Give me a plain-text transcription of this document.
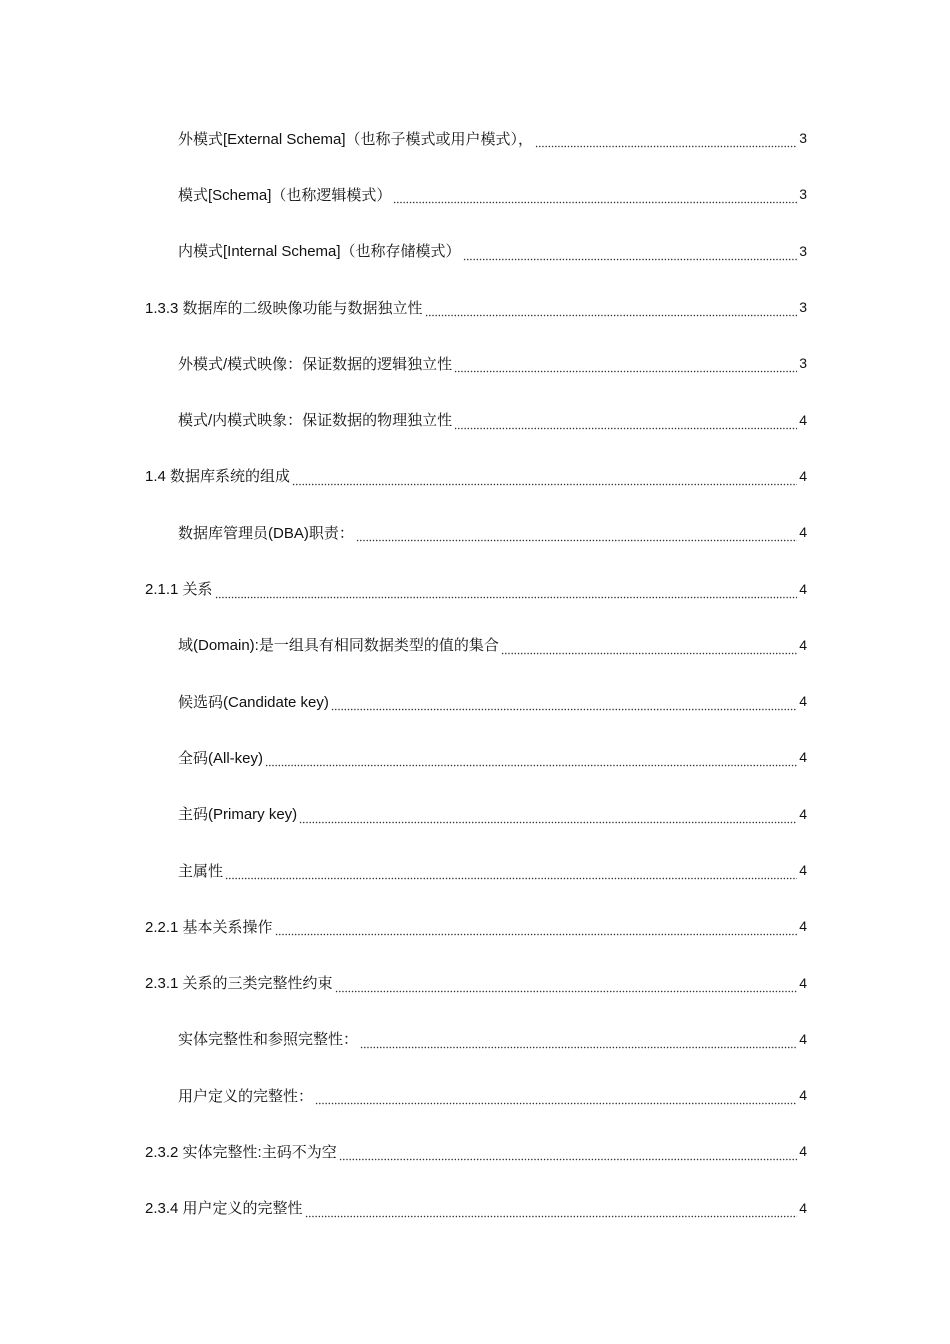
外模式[External Schema]（也称子模式或用户模式），	3
模式[Schema]（也称逻辑模式）	3
内模式[Internal Schema]（也称存储模式）	3
1.3.3 数据库的二级映像功能与数据独立性	3
外模式/模式映像：保证数据的逻辑独立性	3
模式/内模式映象：保证数据的物理独立性	4
1.4 数据库系统的组成	4
数据库管理员(DBA)职责：	4
2.1.1 关系	4
域(Domain):是一组具有相同数据类型的值的集合	4
候选码(Candidate key)	4
全码(All-key)	4
主码(Primary key)	4
主属性	4
2.2.1 基本关系操作	4
2.3.1 关系的三类完整性约束	4
实体完整性和参照完整性：	4
用户定义的完整性：	4
2.3.2 实体完整性:主码不为空	4
2.3.4 用户定义的完整性	4
